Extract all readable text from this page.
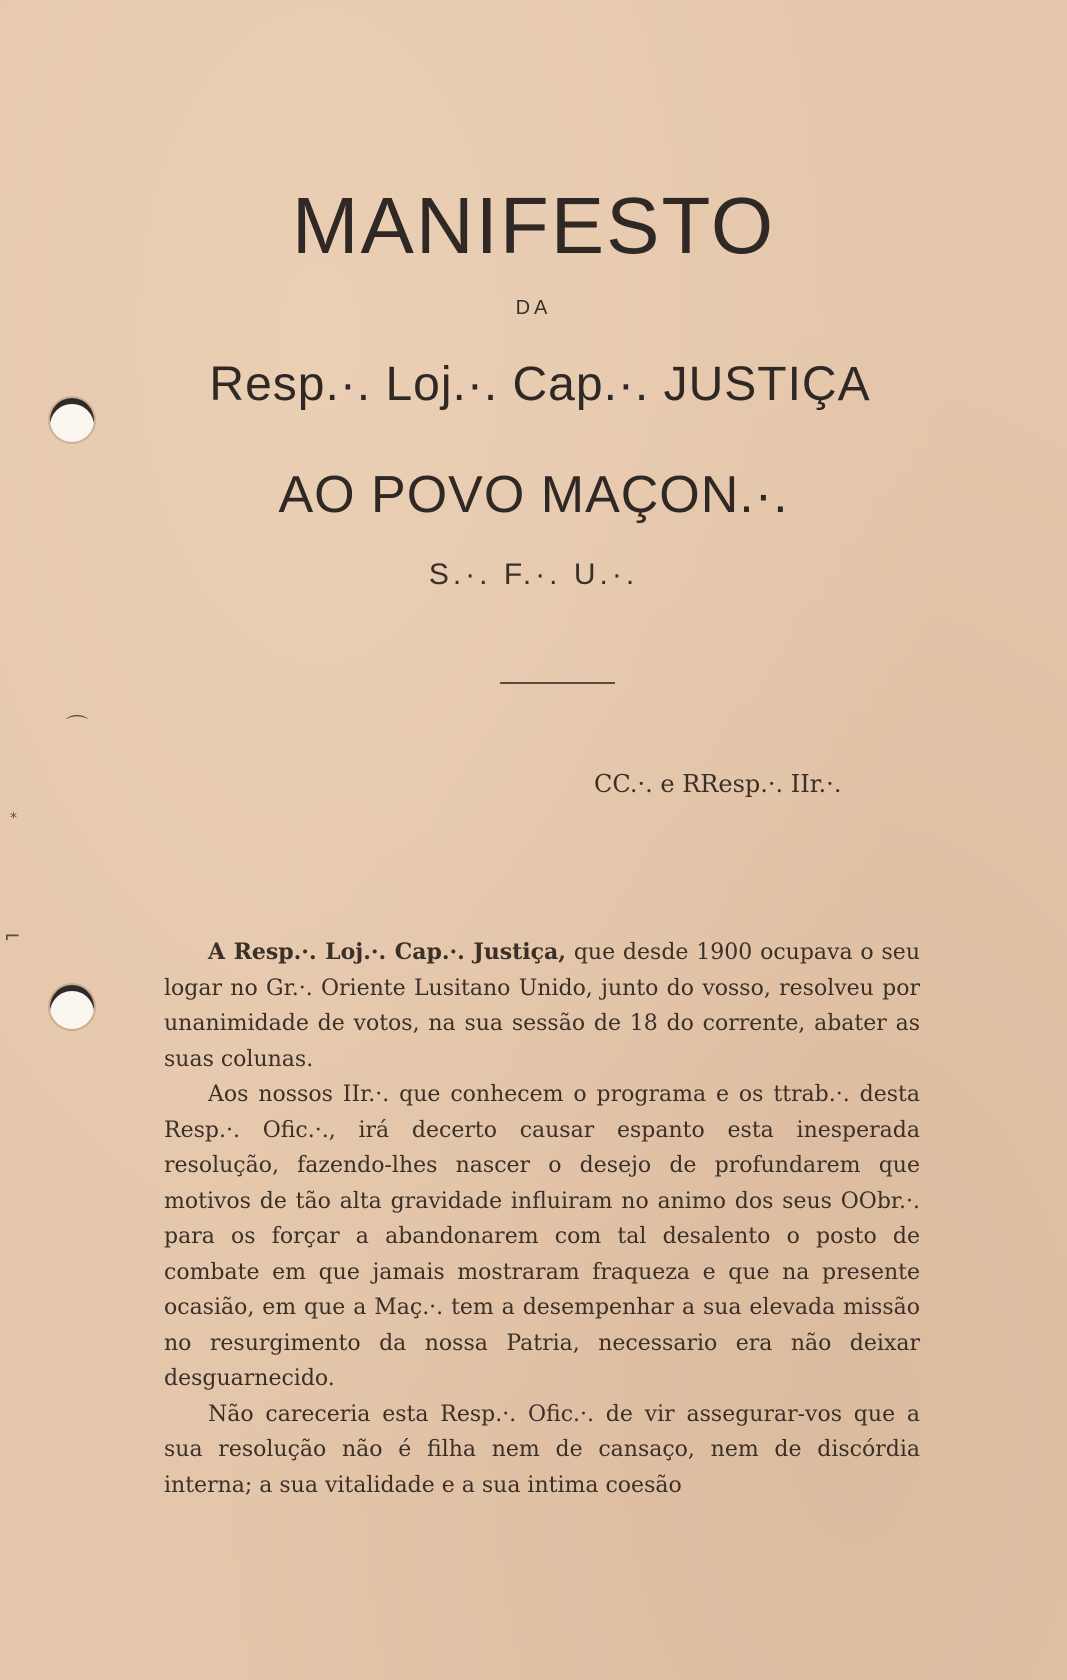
⌒
⁎
⌐
MANIFESTO
DA
Resp.·. Loj.·. Cap.·. JUSTIÇA
AO POVO MAÇON.·.
S.·. F.·. U.·.
CC.·. e RResp.·. IIr.·.

A Resp.·. Loj.·. Cap.·. Justiça, que desde 1900 ocupava o seu logar no Gr.·. Oriente Lusitano Unido, junto do vosso, resolveu por unanimidade de votos, na sua sessão de 18 do corrente, abater as suas colunas.

Aos nossos IIr.·. que conhecem o programa e os ttrab.·. desta Resp.·. Ofic.·., irá decerto causar espanto esta inesperada resolução, fazendo-lhes nascer o desejo de profundarem que motivos de tão alta gravidade influiram no animo dos seus OObr.·. para os forçar a abandonarem com tal desalento o posto de combate em que jamais mostraram fraqueza e que na presente ocasião, em que a Maç.·. tem a desempenhar a sua elevada missão no resurgimento da nossa Patria, necessario era não deixar desguarnecido.

Não careceria esta Resp.·. Ofic.·. de vir assegurar-vos que a sua resolução não é filha nem de cansaço, nem de discórdia interna; a sua vitalidade e a sua intima coesão
